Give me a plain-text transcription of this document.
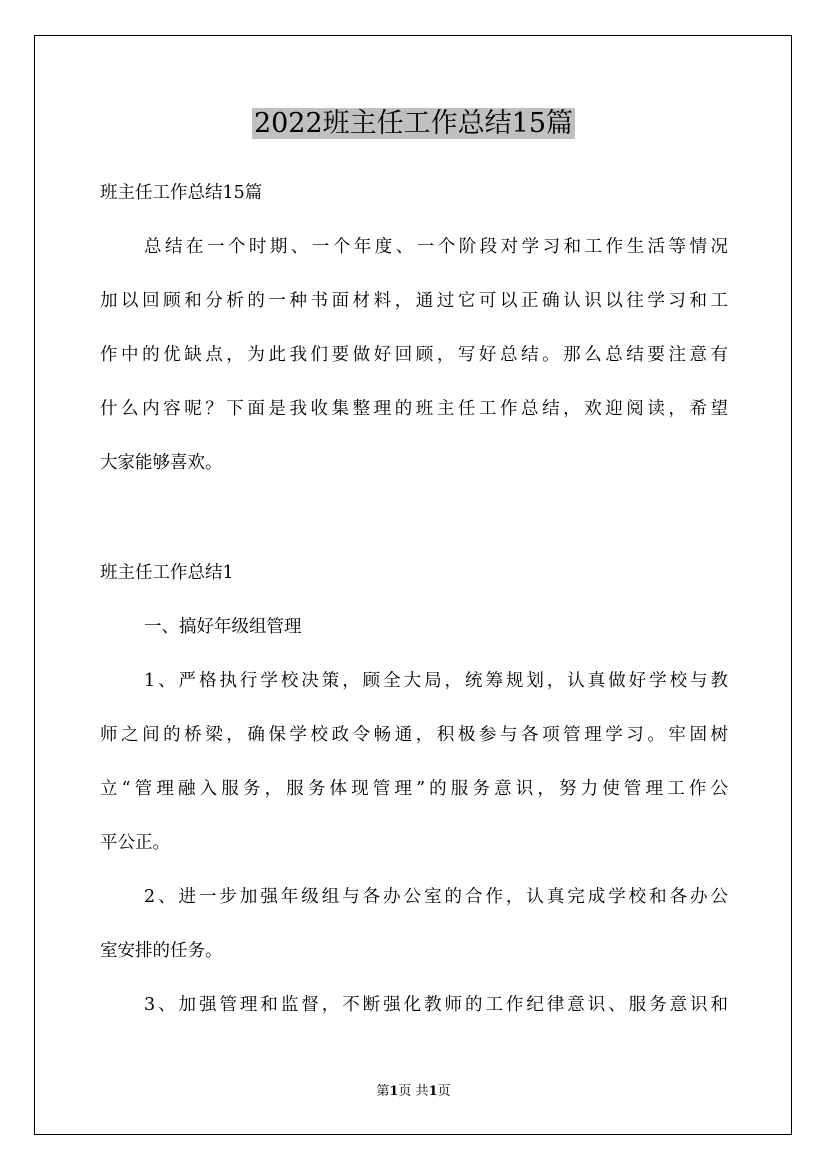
2022班主任工作总结15篇
班主任工作总结15篇
总结在一个时期、一个年度、一个阶段对学习和工作生活等情况
加以回顾和分析的一种书面材料，通过它可以正确认识以往学习和工
作中的优缺点，为此我们要做好回顾，写好总结。那么总结要注意有
什么内容呢？下面是我收集整理的班主任工作总结，欢迎阅读，希望
大家能够喜欢。
班主任工作总结1
一、搞好年级组管理
1、严格执行学校决策，顾全大局，统筹规划，认真做好学校与教
师之间的桥梁，确保学校政令畅通，积极参与各项管理学习。牢固树
立“管理融入服务，服务体现管理”的服务意识，努力使管理工作公
平公正。
2、进一步加强年级组与各办公室的合作，认真完成学校和各办公
室安排的任务。
3、加强管理和监督，不断强化教师的工作纪律意识、服务意识和
第1页 共1页
